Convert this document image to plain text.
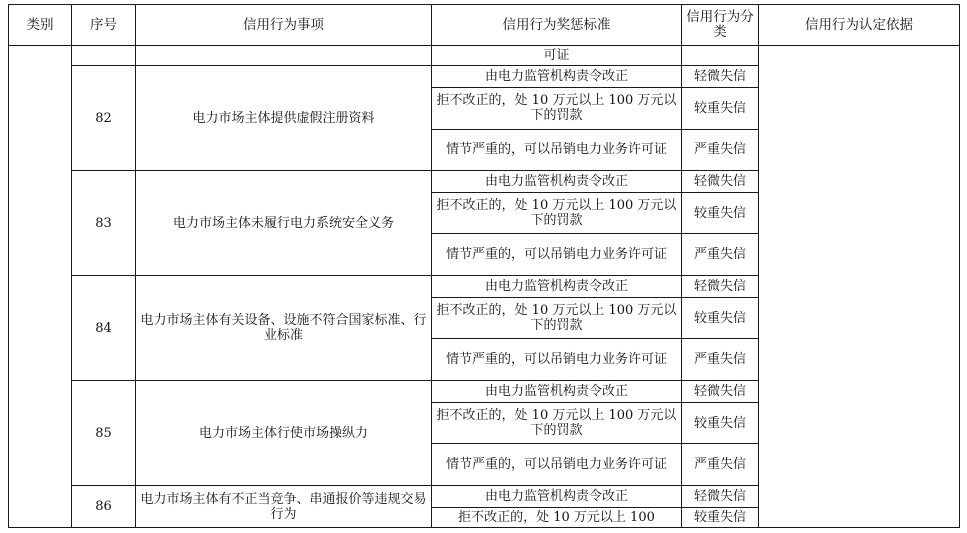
类别	序号	信用行为事项	信用行为奖惩标准	信用行为分类	信用行为认定依据
			可证		
	82	电力市场主体提供虚假注册资料	由电力监管机构责令改正	轻微失信	
			拒不改正的，处 10 万元以上 100 万元以下的罚款	较重失信	
			情节严重的，可以吊销电力业务许可证	严重失信	
	83	电力市场主体未履行电力系统安全义务	由电力监管机构责令改正	轻微失信	
			拒不改正的，处 10 万元以上 100 万元以下的罚款	较重失信	
			情节严重的，可以吊销电力业务许可证	严重失信	
	84	电力市场主体有关设备、设施不符合国家标准、行业标准	由电力监管机构责令改正	轻微失信	
			拒不改正的，处 10 万元以上 100 万元以下的罚款	较重失信	
			情节严重的，可以吊销电力业务许可证	严重失信	
	85	电力市场主体行使市场操纵力	由电力监管机构责令改正	轻微失信	
			拒不改正的，处 10 万元以上 100 万元以下的罚款	较重失信	
			情节严重的，可以吊销电力业务许可证	严重失信	
	86	电力市场主体有不正当竞争、串通报价等违规交易行为	由电力监管机构责令改正	轻微失信	
			拒不改正的，处 10 万元以上 100	较重失信	
